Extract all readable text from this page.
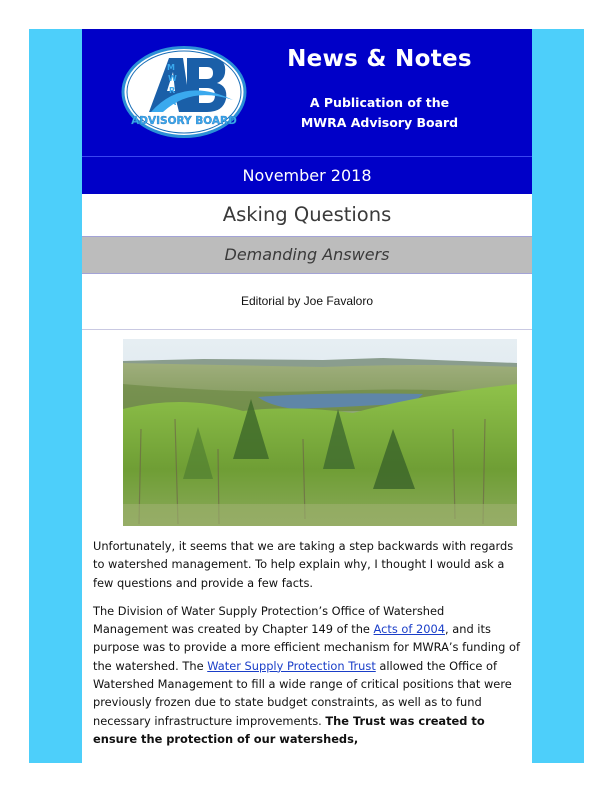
M
W
R
A
ADVISORY BOARD
News & Notes
A Publication of the
MWRA Advisory Board
November 2018
Asking Questions
Demanding Answers
Editorial by Joe Favaloro

Unfortunately, it seems that we are taking a step backwards with regards to watershed management. To help explain why, I thought I would ask a few questions and provide a few facts.

The Division of Water Supply Protection’s Office of Watershed Management was created by Chapter 149 of the Acts of 2004, and its purpose was to provide a more efficient mechanism for MWRA’s funding of the watershed. The Water Supply Protection Trust allowed the Office of Watershed Management to fill a wide range of critical positions that were previously frozen due to state budget constraints, as well as to fund necessary infrastructure improvements. The Trust was created to ensure the protection of our watersheds,
